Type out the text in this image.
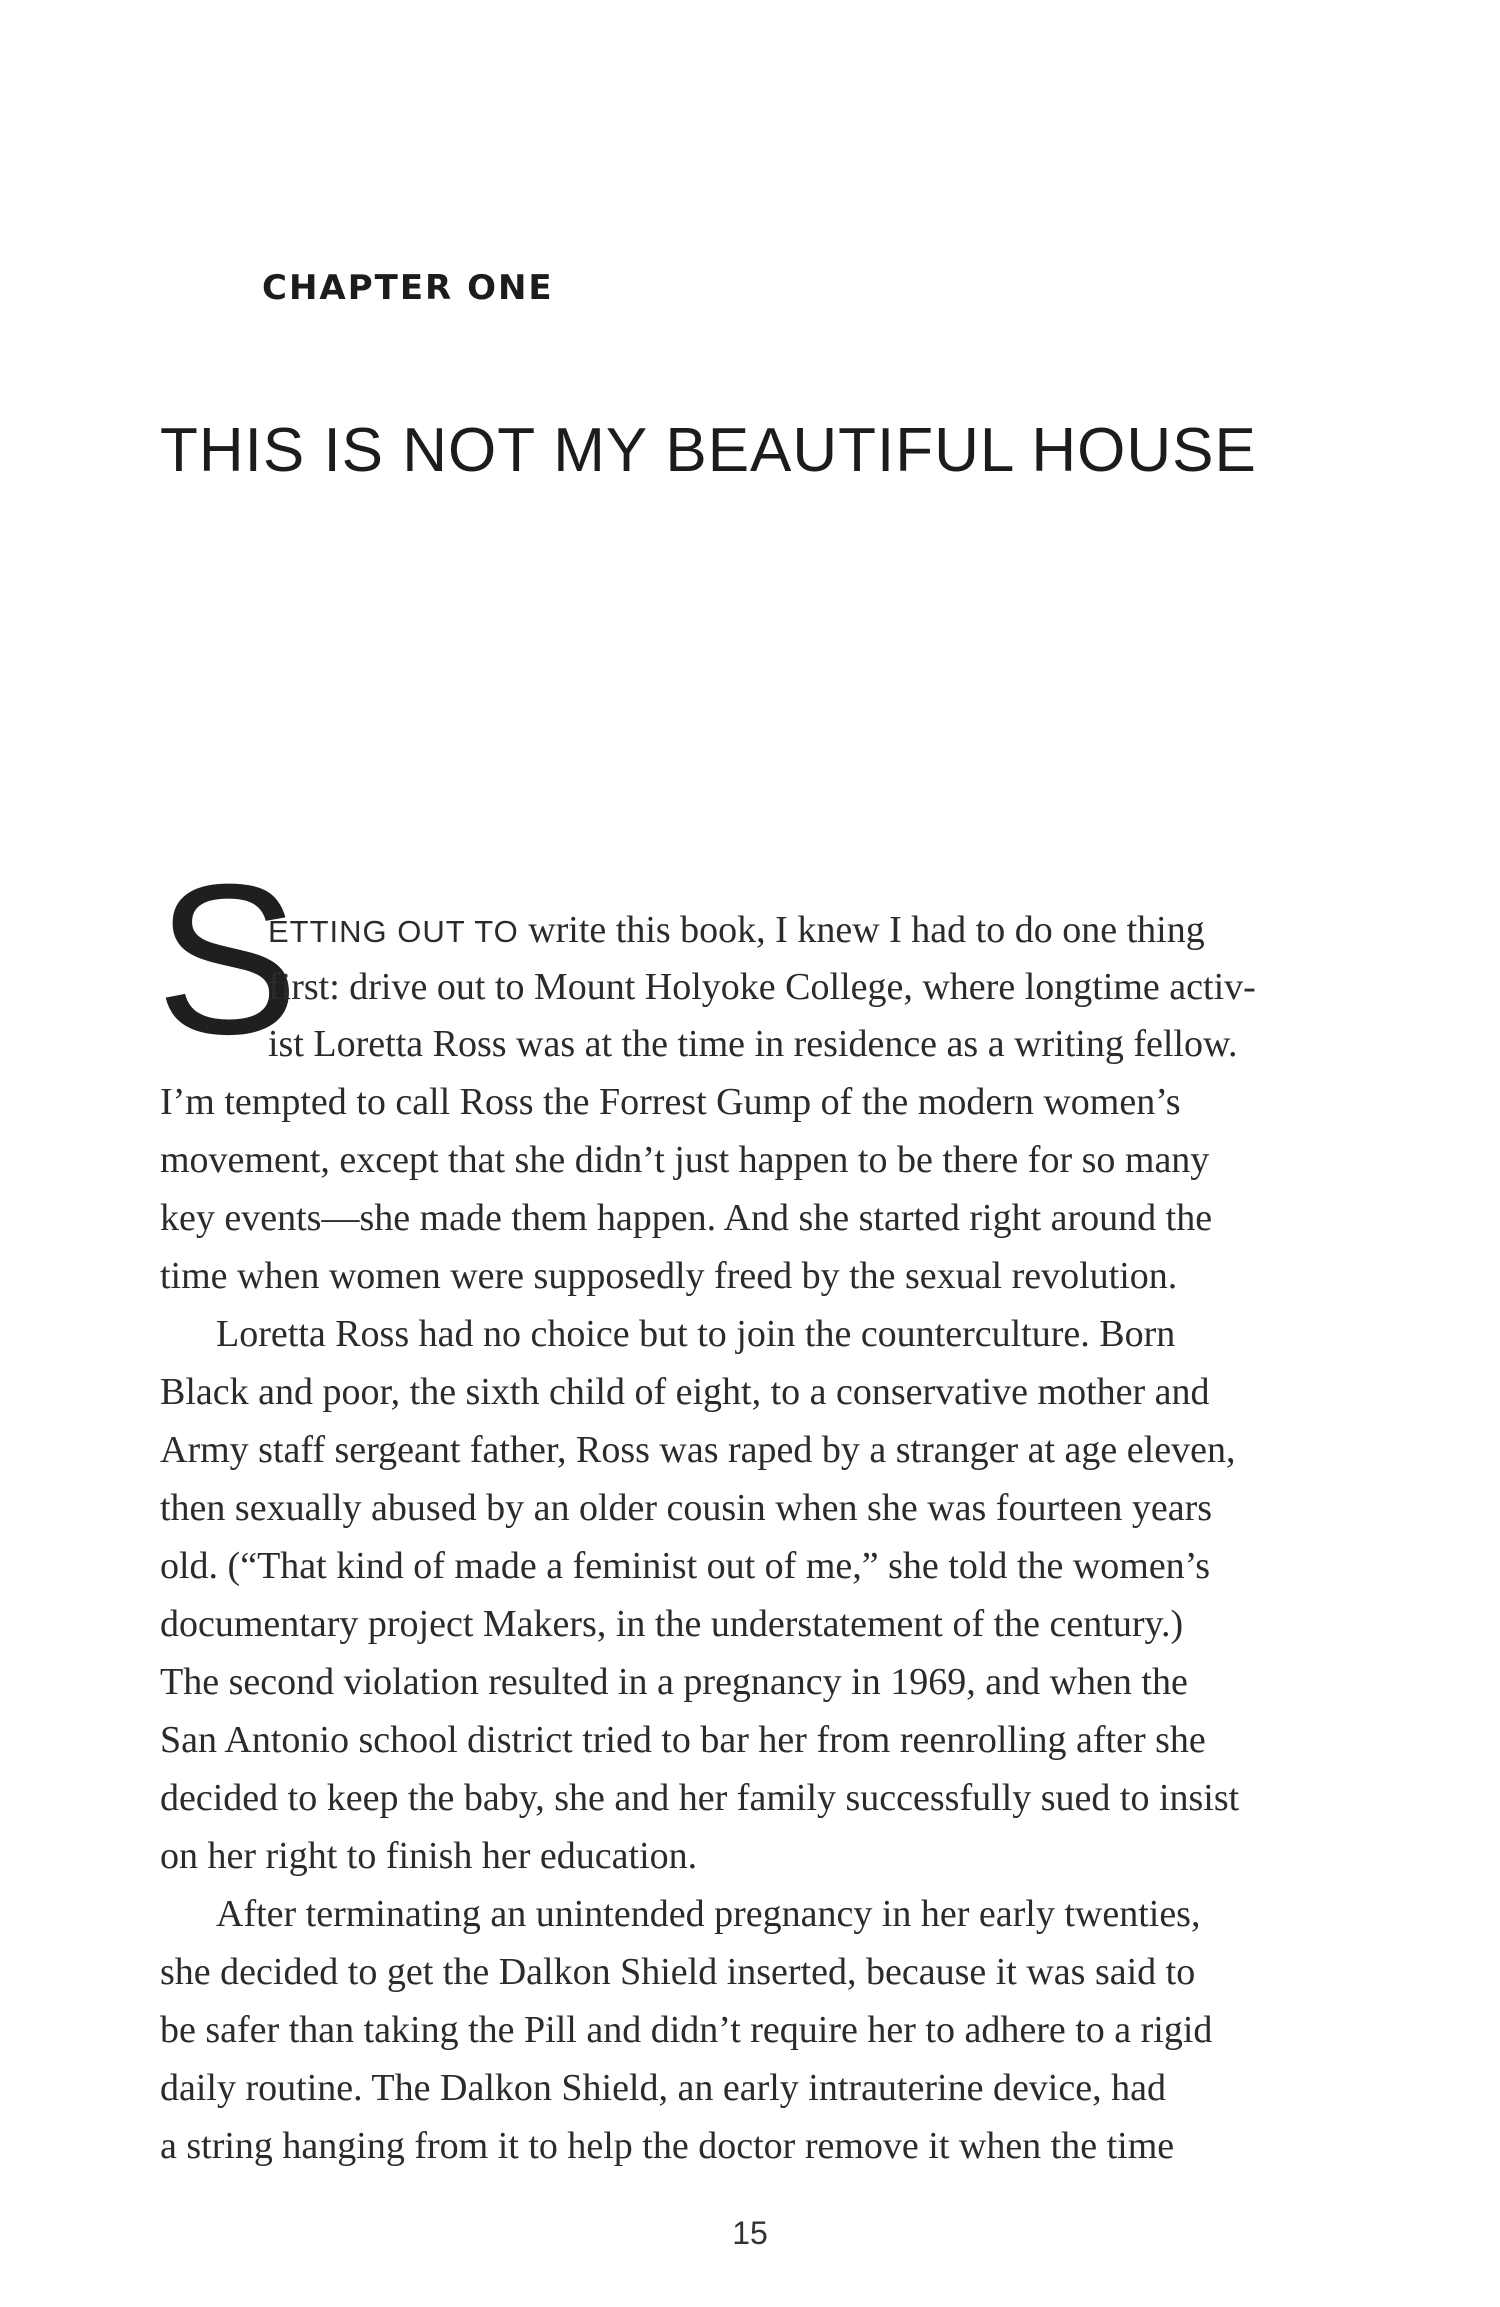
CHAPTER ONE
THIS IS NOT MY BEAUTIFUL HOUSE
S
ETTING OUT TO write this book, I knew I had to do one thing
first: drive out to Mount Holyoke College, where longtime activ-
ist Loretta Ross was at the time in residence as a writing fellow.
I’m tempted to call Ross the Forrest Gump of the modern women’s
movement, except that she didn’t just happen to be there for so many
key events—she made them happen. And she started right around the
time when women were supposedly freed by the sexual revolution.
Loretta Ross had no choice but to join the counterculture. Born
Black and poor, the sixth child of eight, to a conservative mother and
Army staff sergeant father, Ross was raped by a stranger at age eleven,
then sexually abused by an older cousin when she was fourteen years
old. (“That kind of made a feminist out of me,” she told the women’s
documentary project Makers, in the understatement of the century.)
The second violation resulted in a pregnancy in 1969, and when the
San Antonio school district tried to bar her from reenrolling after she
decided to keep the baby, she and her family successfully sued to insist
on her right to finish her education.
After terminating an unintended pregnancy in her early twenties,
she decided to get the Dalkon Shield inserted, because it was said to
be safer than taking the Pill and didn’t require her to adhere to a rigid
daily routine. The Dalkon Shield, an early intrauterine device, had
a string hanging from it to help the doctor remove it when the time
15
